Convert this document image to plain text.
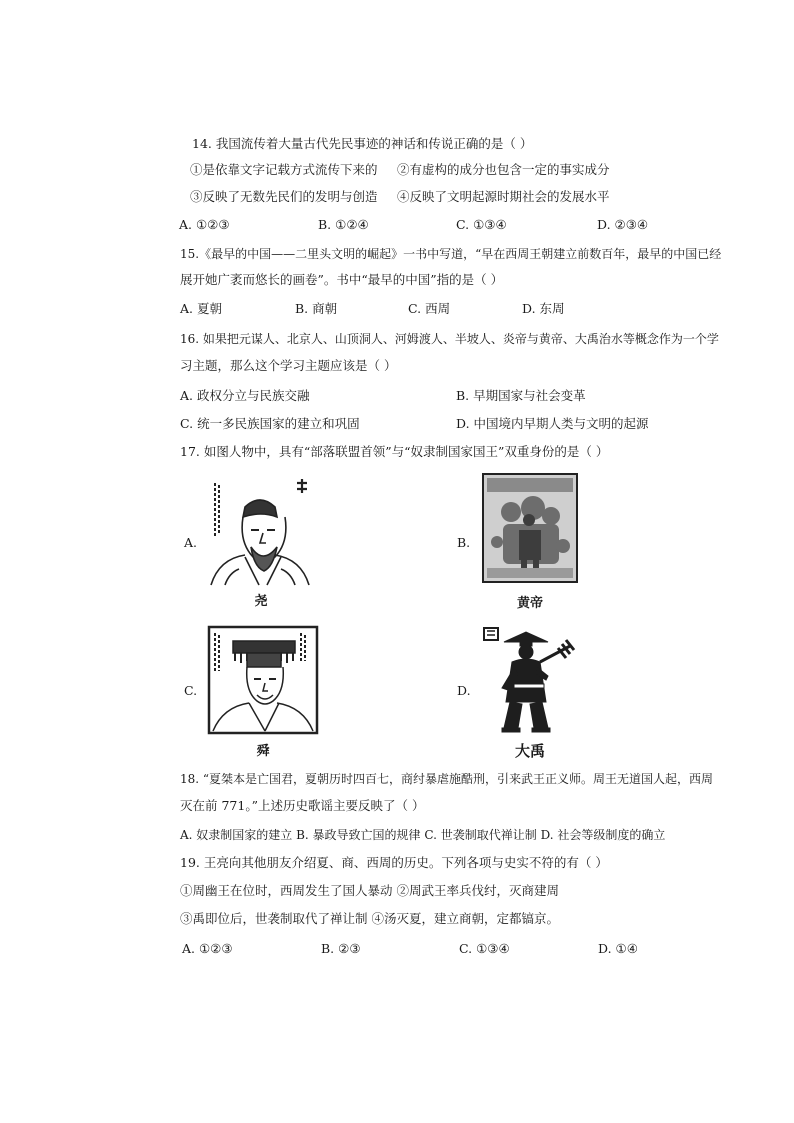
14. 我国流传着大量古代先民事迹的神话和传说正确的是（ ）
①是依靠文字记载方式流传下来的 ②有虚构的成分也包含一定的事实成分
③反映了无数先民们的发明与创造 ④反映了文明起源时期社会的发展水平
A. ①②③	B. ①②④	C. ①③④	D. ②③④
15.《最早的中国——二里头文明的崛起》一书中写道，“早在西周王朝建立前数百年，最早的中国已经
展开她广袤而悠长的画卷”。书中“最早的中国”指的是（ ）
A. 夏朝	B. 商朝	C. 西周	D. 东周
16. 如果把元谋人、北京人、山顶洞人、河姆渡人、半坡人、炎帝与黄帝、大禹治水等概念作为一个学
习主题，那么这个学习主题应该是（ ）
A. 政权分立与民族交融	B. 早期国家与社会变革
C. 统一多民族国家的建立和巩固	D. 中国境内早期人类与文明的起源
17. 如图人物中，具有“部落联盟首领”与“奴隶制国家国王”双重身份的是（ ）
A.	B.
C.	D.
尧	黄帝
舜	大禹
18. “夏桀本是亡国君，夏朝历时四百七，商纣暴虐施酷刑，引来武王正义师。周王无道国人起，西周
灭在前 771。”上述历史歌谣主要反映了（ ）
A. 奴隶制国家的建立 B. 暴政导致亡国的规律 C. 世袭制取代禅让制 D. 社会等级制度的确立
19. 王亮向其他朋友介绍夏、商、西周的历史。下列各项与史实不符的有（ ）
①周幽王在位时，西周发生了国人暴动 ②周武王率兵伐纣，灭商建周
③禹即位后，世袭制取代了禅让制 ④汤灭夏，建立商朝，定都镐京。
A. ①②③	B. ②③	C. ①③④	D. ①④
